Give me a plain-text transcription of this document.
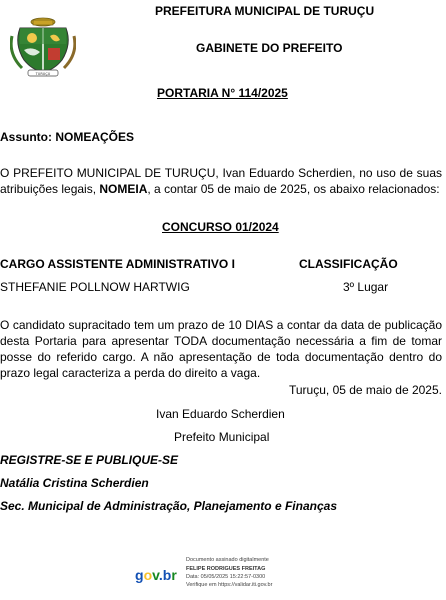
TURUÇU
PREFEITURA MUNICIPAL DE TURUÇU
GABINETE DO PREFEITO
PORTARIA N° 114/2025
Assunto: NOMEAÇÕES
O PREFEITO MUNICIPAL DE TURUÇU, Ivan Eduardo Scherdien, no uso de suas atribuições legais, NOMEIA, a contar 05 de maio de 2025, os abaixo relacionados:
CONCURSO 01/2024
CARGO ASSISTENTE ADMINISTRATIVO I	CLASSIFICAÇÃO
STHEFANIE POLLNOW HARTWIG	3º Lugar
O candidato supracitado tem um prazo de 10 DIAS a contar da data de publicação desta Portaria para apresentar TODA documentação necessária a fim de tomar posse do referido cargo. A não apresentação de toda documentação dentro do prazo legal caracteriza a perda do direito a vaga.
Turuçu, 05 de maio de 2025.
Ivan Eduardo Scherdien
Prefeito Municipal
REGISTRE-SE E PUBLIQUE-SE
Natália Cristina Scherdien
Sec. Municipal de Administração, Planejamento e Finanças
gov.br
Documento assinado digitalmente
FELIPE RODRIGUES FREITAG
Data: 05/05/2025 15:22:57-0300
Verifique em https://validar.iti.gov.br
